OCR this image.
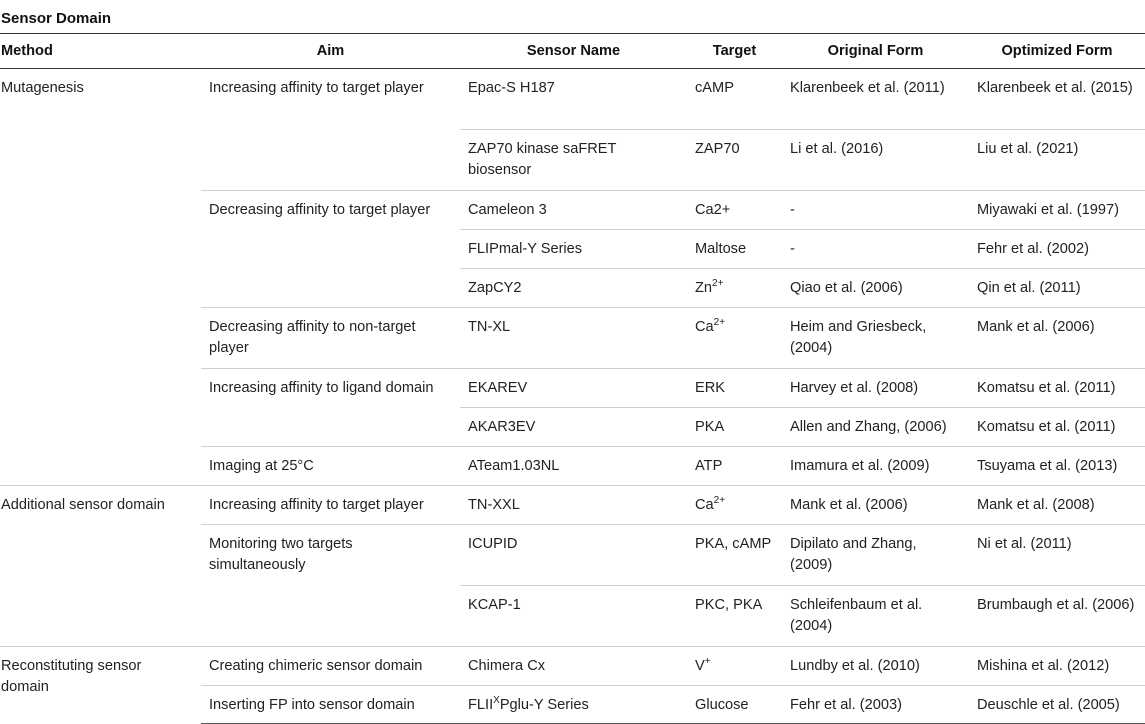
Sensor Domain
Method	Aim	Sensor Name	Target	Original Form	Optimized Form
Mutagenesis	Increasing affinity to target player	Epac-S H187	cAMP	Klarenbeek et al. (2011)	Klarenbeek et al. (2015)
		ZAP70 kinase saFRET biosensor	ZAP70	Li et al. (2016)	Liu et al. (2021)
	Decreasing affinity to target player	Cameleon 3	Ca2+	-	Miyawaki et al. (1997)
		FLIPmal-Y Series	Maltose	-	Fehr et al. (2002)
		ZapCY2	$Zn^{2+}$	Qiao et al. (2006)	Qin et al. (2011)
	Decreasing affinity to non-target player	TN-XL	$Ca^{2+}$	Heim and Griesbeck, (2004)	Mank et al. (2006)
	Increasing affinity to ligand domain	EKAREV	ERK	Harvey et al. (2008)	Komatsu et al. (2011)
		AKAR3EV	PKA	Allen and Zhang, (2006)	Komatsu et al. (2011)
	Imaging at 25°C	ATeam1.03NL	ATP	Imamura et al. (2009)	Tsuyama et al. (2013)
Additional sensor domain	Increasing affinity to target player	TN-XXL	$Ca^{2+}$	Mank et al. (2006)	Mank et al. (2008)
	Monitoring two targets simultaneously	ICUPID	PKA, cAMP	Dipilato and Zhang, (2009)	Ni et al. (2011)
		KCAP-1	PKC, PKA	Schleifenbaum et al. (2004)	Brumbaugh et al. (2006)
Reconstituting sensor domain	Creating chimeric sensor domain	Chimera Cx	V+	Lundby et al. (2010)	Mishina et al. (2012)
	Inserting FP into sensor domain	$FLII^XPglu-Y$ Series	Glucose	Fehr et al. (2003)	Deuschle et al. (2005)
